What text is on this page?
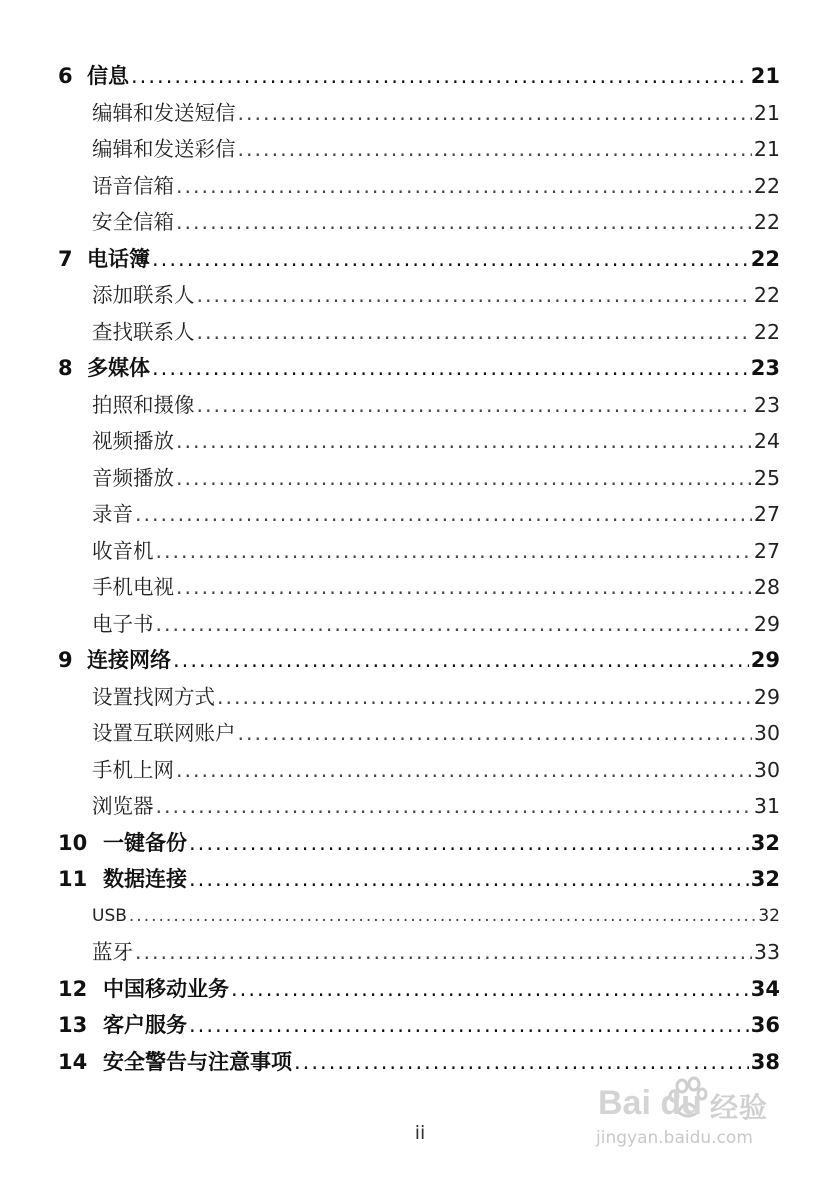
6 信息 .....	21
编辑和发送短信 .....	21
编辑和发送彩信 .....	21
语音信箱 .....	22
安全信箱 .....	22
7 电话簿 .....	22
添加联系人 .....	22
查找联系人 .....	22
8 多媒体 .....	23
拍照和摄像 .....	23
视频播放 .....	24
音频播放 .....	25
录音 .....	27
收音机 .....	27
手机电视 .....	28
电子书 .....	29
9 连接网络 .....	29
设置找网方式 .....	29
设置互联网账户 .....	30
手机上网 .....	30
浏览器 .....	31
10 一键备份 .....	32
11 数据连接 .....	32
USB .....	32
蓝牙 .....	33
12 中国移动业务 .....	34
13 客户服务 .....	36
14 安全警告与注意事项 .....	38
ii
Bai du 经验
jingyan.baidu.com
